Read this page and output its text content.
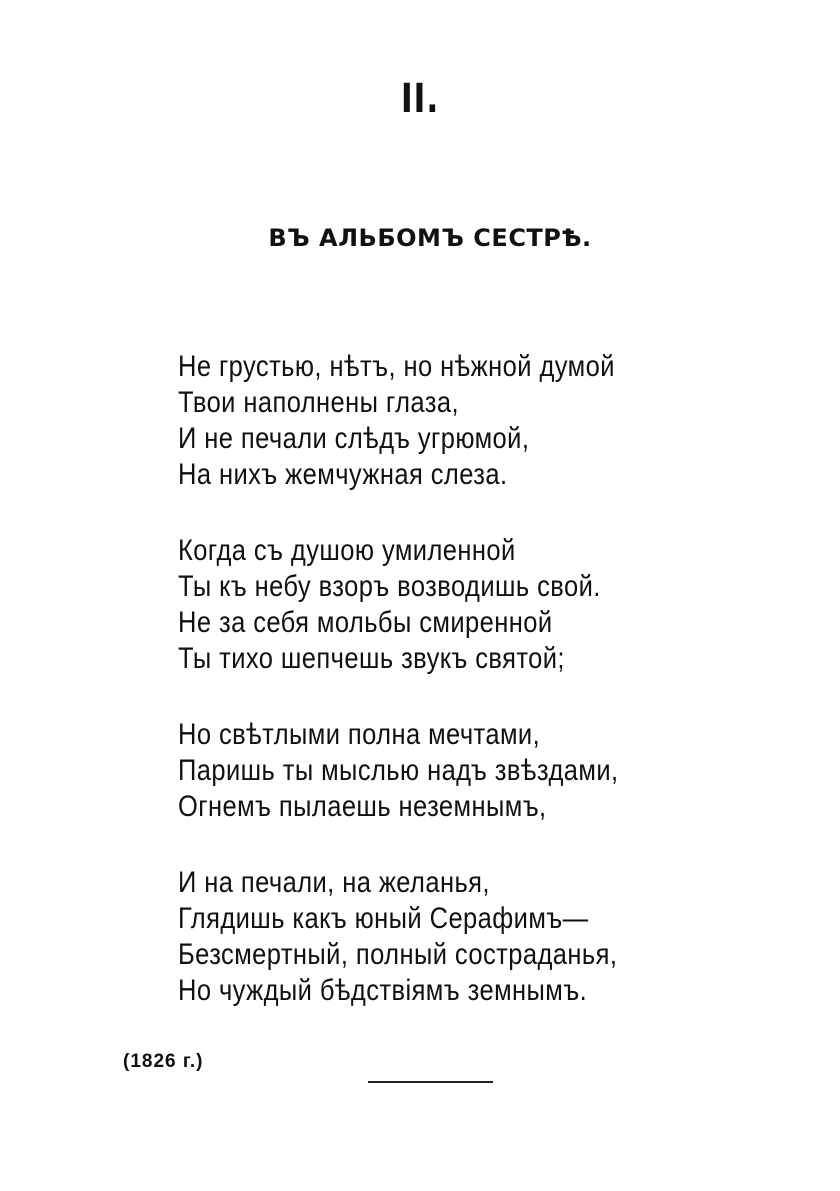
II.
ВЪ АЛЬБОМЪ СЕСТРѢ.
Не грустью, нѣтъ, но нѣжной думой
Твои наполнены глаза,
И не печали слѣдъ угрюмой,
На нихъ жемчужная слеза.
Когда съ душою умиленной
Ты къ небу взоръ возводишь свой.
Не за себя мольбы смиренной
Ты тихо шепчешь звукъ святой;
Но свѣтлыми полна мечтами,
Паришь ты мыслью надъ звѣздами,
Огнемъ пылаешь неземнымъ,
И на печали, на желанья,
Глядишь какъ юный Серафимъ—
Безсмертный, полный состраданья,
Но чуждый бѣдствіямъ земнымъ.
(1826 г.)
